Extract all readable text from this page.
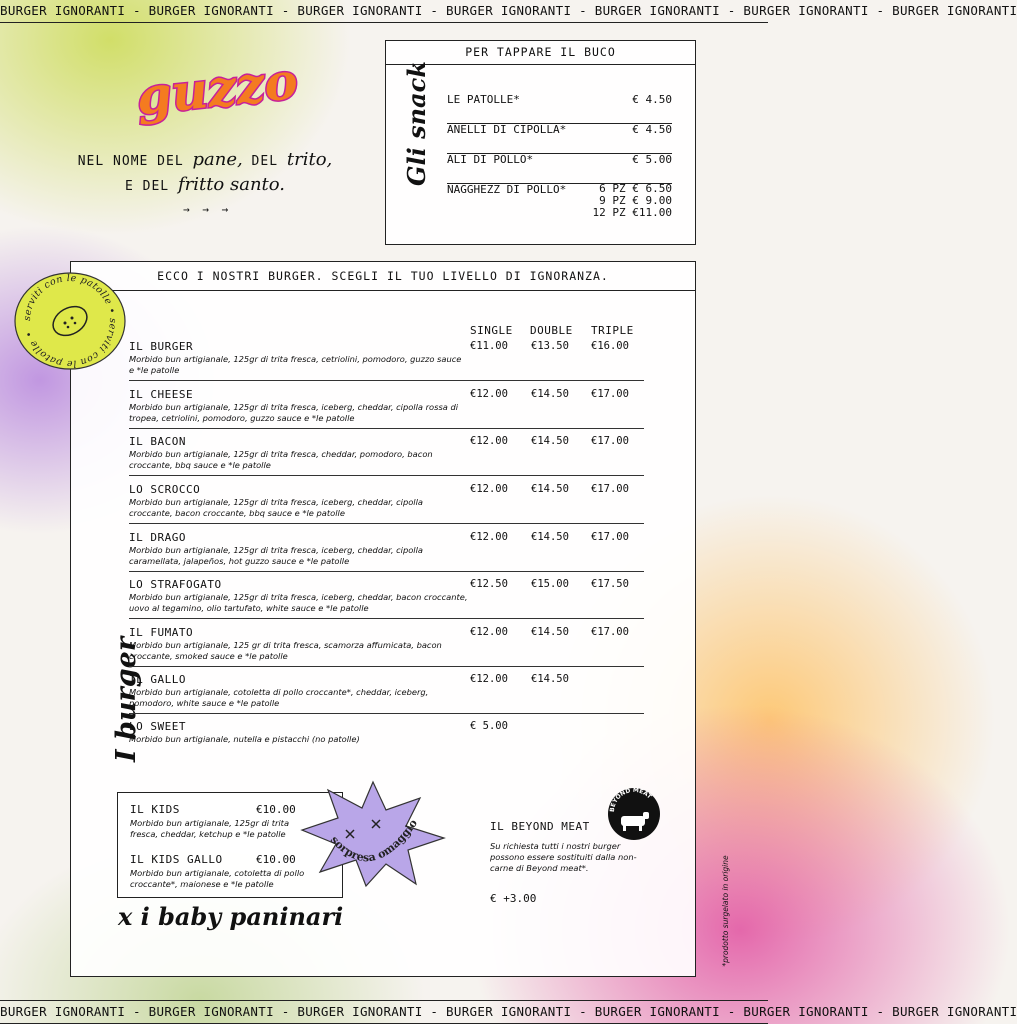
BURGER IGNORANTI - BURGER IGNORANTI - BURGER IGNORANTI - BURGER IGNORANTI - BURGER IGNORANTI - BURGER IGNORANTI - BURGER IGNORANTI
guzzo
NEL NOME DEL pane, DEL trito,
E DEL fritto santo.
→ → →
PER TAPPARE IL BUCO
Gli snack	LE PATOLLE*	€ 4.50
ANELLI DI CIPOLLA*	€ 4.50
ALI DI POLLO*	€ 5.00
NAGGHEZZ DI POLLO*	6 PZ € 6.50
9 PZ € 9.00
12 PZ €11.00
ECCO I NOSTRI BURGER. SCEGLI IL TUO LIVELLO DI IGNORANZA.
I burger
SINGLE DOUBLE TRIPLE
IL BURGER
Morbido bun artigianale, 125gr di trita fresca, cetriolini, pomodoro, guzzo sauce e *le patolle
€11.00 €13.50 €16.00
IL CHEESE
Morbido bun artigianale, 125gr di trita fresca, iceberg, cheddar, cipolla rossa di tropea, cetriolini, pomodoro, guzzo sauce e *le patolle
€12.00 €14.50 €17.00
IL BACON
Morbido bun artigianale, 125gr di trita fresca, cheddar, pomodoro, bacon croccante, bbq sauce e *le patolle
€12.00 €14.50 €17.00
LO SCROCCO
Morbido bun artigianale, 125gr di trita fresca, iceberg, cheddar, cipolla croccante, bacon croccante, bbq sauce e *le patolle
€12.00 €14.50 €17.00
IL DRAGO
Morbido bun artigianale, 125gr di trita fresca, iceberg, cheddar, cipolla caramellata, jalapeños, hot guzzo sauce e *le patolle
€12.00 €14.50 €17.00
LO STRAFOGATO
Morbido bun artigianale, 125gr di trita fresca, iceberg, cheddar, bacon croccante, uovo al tegamino, olio tartufato, white sauce e *le patolle
€12.50 €15.00 €17.50
IL FUMATO
Morbido bun artigianale, 125 gr di trita fresca, scamorza affumicata, bacon croccante, smoked sauce e *le patolle
€12.00 €14.50 €17.00
IL GALLO
Morbido bun artigianale, cotoletta di pollo croccante*, cheddar, iceberg, pomodoro, white sauce e *le patolle
€12.00 €14.50
LO SWEET
Morbido bun artigianale, nutella e pistacchi (no patolle)
€ 5.00
serviti con le patolle • serviti con le patolle •
IL KIDS	€10.00
Morbido bun artigianale, 125gr di trita fresca, cheddar, ketchup e *le patolle
IL KIDS GALLO	€10.00
Morbido bun artigianale, cotoletta di pollo croccante*, maionese e *le patolle
sorpresa omaggio
x i baby paninari
BEYOND MEAT
IL BEYOND MEAT
Su richiesta tutti i nostri burger possono essere sostituiti dalla non-carne di Beyond meat*.
€ +3.00	*prodotto surgelato in origine
BURGER IGNORANTI - BURGER IGNORANTI - BURGER IGNORANTI - BURGER IGNORANTI - BURGER IGNORANTI - BURGER IGNORANTI - BURGER IGNORANTI
